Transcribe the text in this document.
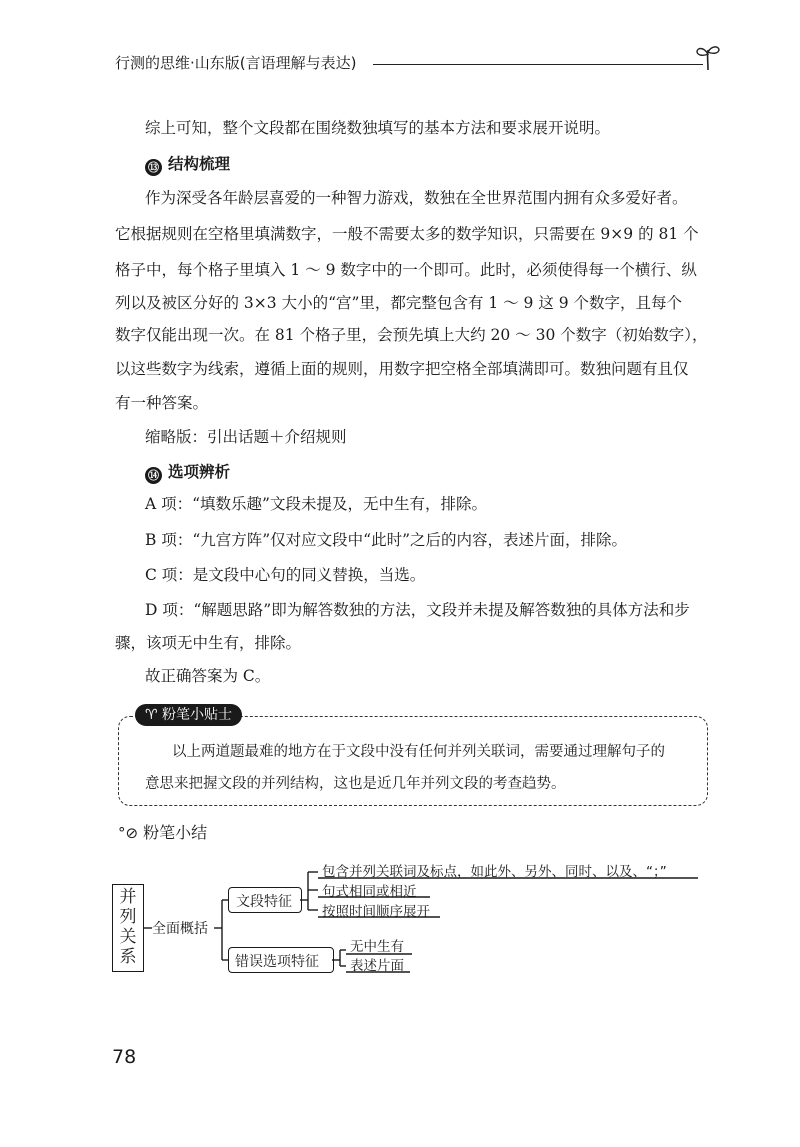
行测的思维·山东版(言语理解与表达)
综上可知，整个文段都在围绕数独填写的基本方法和要求展开说明。
⑬ 结构梳理
作为深受各年龄层喜爱的一种智力游戏，数独在全世界范围内拥有众多爱好者。
它根据规则在空格里填满数字，一般不需要太多的数学知识，只需要在 9×9 的 81 个
格子中，每个格子里填入 1 ～ 9 数字中的一个即可。此时，必须使得每一个横行、纵
列以及被区分好的 3×3 大小的“宫”里，都完整包含有 1 ～ 9 这 9 个数字，且每个
数字仅能出现一次。在 81 个格子里，会预先填上大约 20 ～ 30 个数字（初始数字），
以这些数字为线索，遵循上面的规则，用数字把空格全部填满即可。数独问题有且仅
有一种答案。
缩略版：引出话题＋介绍规则
⑭ 选项辨析
A 项：“填数乐趣”文段未提及，无中生有，排除。
B 项：“九宫方阵”仅对应文段中“此时”之后的内容，表述片面，排除。
C 项：是文段中心句的同义替换，当选。
D 项：“解题思路”即为解答数独的方法，文段并未提及解答数独的具体方法和步
骤，该项无中生有，排除。
故正确答案为 C。
♈ 粉笔小贴士
以上两道题最难的地方在于文段中没有任何并列关联词，需要通过理解句子的
意思来把握文段的并列结构，这也是近几年并列文段的考查趋势。
°⊘ 粉笔小结
并
列
关
系
全面概括
文段特征
包含并列关联词及标点，如此外、另外、同时、以及、“；”
句式相同或相近
按照时间顺序展开
错误选项特征
无中生有
表述片面
78
